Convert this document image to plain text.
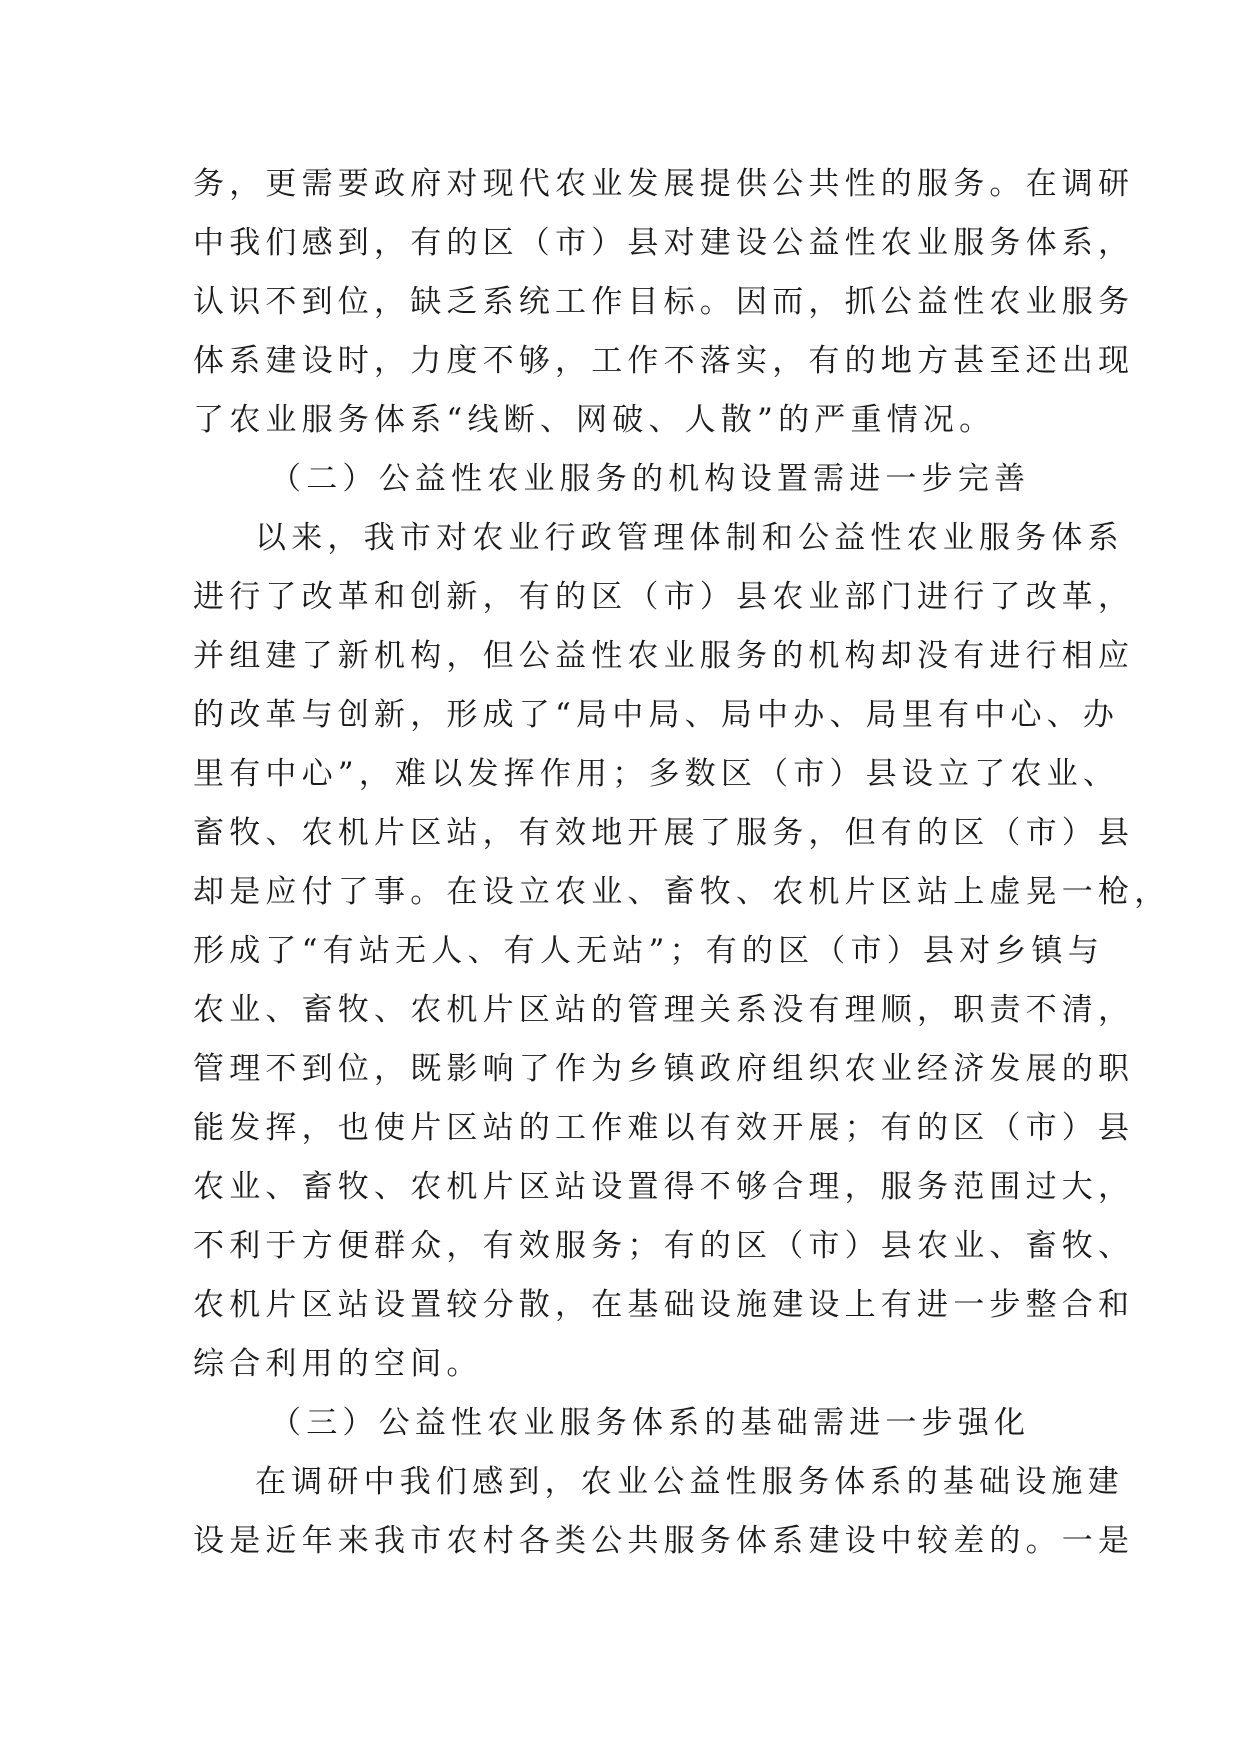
务，更需要政府对现代农业发展提供公共性的服务。在调研
中我们感到，有的区（市）县对建设公益性农业服务体系，
认识不到位，缺乏系统工作目标。因而，抓公益性农业服务
体系建设时，力度不够，工作不落实，有的地方甚至还出现
了农业服务体系“线断、网破、人散”的严重情况。
（二）公益性农业服务的机构设置需进一步完善
以来，我市对农业行政管理体制和公益性农业服务体系
进行了改革和创新，有的区（市）县农业部门进行了改革，
并组建了新机构，但公益性农业服务的机构却没有进行相应
的改革与创新，形成了“局中局、局中办、局里有中心、办
里有中心”，难以发挥作用；多数区（市）县设立了农业、
畜牧、农机片区站，有效地开展了服务，但有的区（市）县
却是应付了事。在设立农业、畜牧、农机片区站上虚晃一枪，
形成了“有站无人、有人无站”；有的区（市）县对乡镇与
农业、畜牧、农机片区站的管理关系没有理顺，职责不清，
管理不到位，既影响了作为乡镇政府组织农业经济发展的职
能发挥，也使片区站的工作难以有效开展；有的区（市）县
农业、畜牧、农机片区站设置得不够合理，服务范围过大，
不利于方便群众，有效服务；有的区（市）县农业、畜牧、
农机片区站设置较分散，在基础设施建设上有进一步整合和
综合利用的空间。
（三）公益性农业服务体系的基础需进一步强化
在调研中我们感到，农业公益性服务体系的基础设施建
设是近年来我市农村各类公共服务体系建设中较差的。一是
